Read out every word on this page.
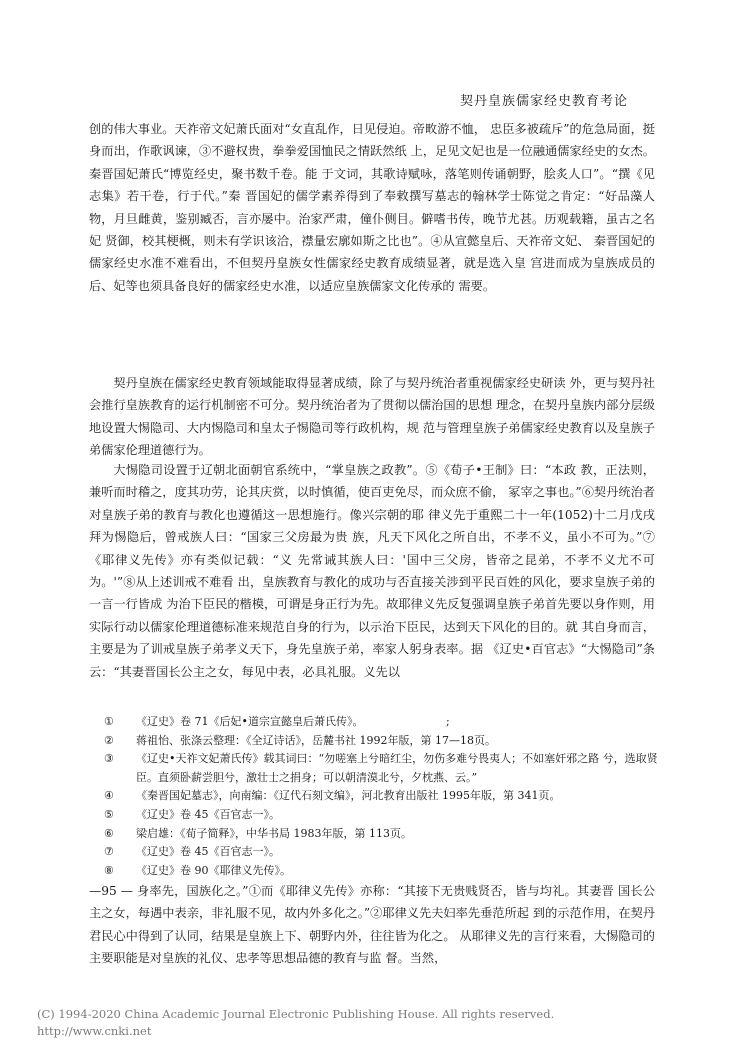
契丹皇族儒家经史教育考论

创的伟大事业。天祚帝文妃萧氏面对“女直乱作，日见侵迫。帝畋游不恤， 忠臣多被疏斥”的危急局面，挺身而出，作歌讽谏，③不避权贵，拳拳爱国恤民之情跃然纸 上，足见文妃也是一位融通儒家经史的女杰。秦晋国妃萧氏“博览经史，聚书数千卷。能 于文词，其歌诗赋咏，落笔则传诵朝野，脍炙人口”。“撰《见志集》若干卷，行于代。”秦 晋国妃的儒学素养得到了奉敕撰写墓志的翰林学士陈觉之肯定：“好品藻人物，月旦雌黄，鉴别臧否，言亦屡中。治家严肃，僮仆侧目。僻嗜书传，晚节尤甚。历观载籍，虽古之名妃 贤御，校其梗概，则未有学识该洽，襟量宏廓如斯之比也”。④从宣懿皇后、天祚帝文妃、 秦晋国妃的儒家经史水准不难看出，不但契丹皇族女性儒家经史教育成绩显著，就是选入皇 宫进而成为皇族成员的后、妃等也须具备良好的儒家经史水准，以适应皇族儒家文化传承的 需要。

契丹皇族在儒家经史教育领域能取得显著成绩，除了与契丹统治者重视儒家经史研读 外，更与契丹社会推行皇族教育的运行机制密不可分。契丹统治者为了贯彻以儒治国的思想 理念，在契丹皇族内部分层级地设置大惕隐司、大内惕隐司和皇太子惕隐司等行政机构，规 范与管理皇族子弟儒家经史教育以及皇族子弟儒家伦理道德行为。

大惕隐司设置于辽朝北面朝官系统中，“掌皇族之政教”。⑤《荀子•王制》曰：“本政 教，正法则，兼听而时稽之，度其功劳，论其庆赏，以时慎循，使百吏免尽，而众庶不偷， 冢宰之事也。”⑥契丹统治者对皇族子弟的教育与教化也遵循这一思想施行。像兴宗朝的耶 律义先于重熙二十一年(1052)十二月戊戌拜为惕隐后，曾戒族人曰：“国家三父房最为贵 族，凡天下风化之所自出，不孝不义，虽小不可为。”⑦《耶律义先传》亦有类似记载：“义 先常诫其族人曰：'国中三父房，皆帝之昆弟，不孝不义尤不可为。'”⑧从上述训戒不难看 出，皇族教育与教化的成功与否直接关涉到平民百姓的风化，要求皇族子弟的一言一行皆成 为治下臣民的楷模，可谓是身正行为先。故耶律义先反复强调皇族子弟首先要以身作则，用 实际行动以儒家伦理道德标准来规范自身的行为，以示治下臣民，达到天下风化的目的。就 其自身而言，主要是为了训戒皇族子弟孝义天下，身先皇族子弟，率家人躬身表率。据 《辽史•百官志》“大惕隐司”条云：“其妻晋国长公主之女，每见中表，必具礼服。义先以

① 《辽史》卷 71《后妃•道宗宣懿皇后萧氏传》。　　　　　　　　;
② 蒋祖怡、张涤云整理：《全辽诗话》，岳麓书社 1992年版，第 17—18页。
③ 《辽史•天祚文妃萧氏传》载其词曰：“勿嗟塞上兮暗红尘，勿伤多难兮畏夷人；不如塞奸邪之路 兮，选取贤臣。直须卧薪尝胆兮，激壮士之捐身；可以朝清漠北兮，夕枕燕、云。”
④ 《秦晋国妃墓志》，向南编：《辽代石刻文编》，河北教育出版社 1995年版，第 341页。
⑤ 《辽史》卷 45《百官志一》。
⑥ 梁启雄：《荀子简释》，中华书局 1983年版，第 113页。
⑦ 《辽史》卷 45《百官志一》。
⑧ 《辽史》卷 90《耶律义先传》。

—95 — 身率先，国族化之。”①而《耶律义先传》亦称：“其接下无贵贱贤否，皆与均礼。其妻晋 国长公主之女，每遇中表亲，非礼服不见，故内外多化之。”②耶律义先夫妇率先垂范所起 到的示范作用，在契丹君民心中得到了认同，结果是皇族上下、朝野内外，往往皆为化之。 从耶律义先的言行来看，大惕隐司的主要职能是对皇族的礼仪、忠孝等思想品德的教育与监 督。当然，

(C) 1994-2020 China Academic Journal Electronic Publishing House. All rights reserved.
http://www.cnki.net
